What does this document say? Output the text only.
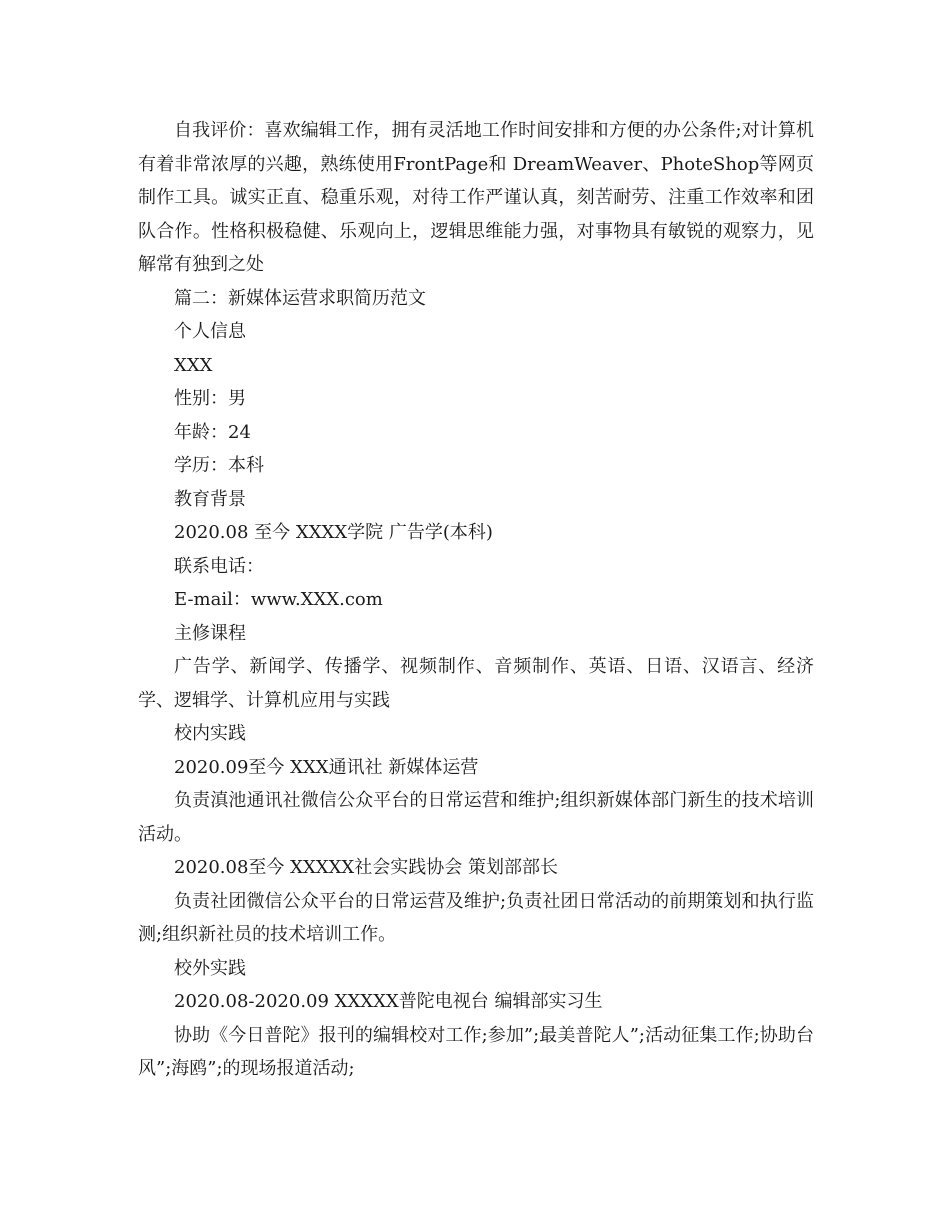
自我评价：喜欢编辑工作，拥有灵活地工作时间安排和方便的办公条件;对计算机有着非常浓厚的兴趣，熟练使用FrontPage和 DreamWeaver、PhoteShop等网页制作工具。诚实正直、稳重乐观，对待工作严谨认真，刻苦耐劳、注重工作效率和团队合作。性格积极稳健、乐观向上，逻辑思维能力强，对事物具有敏锐的观察力，见解常有独到之处

篇二：新媒体运营求职简历范文

个人信息

XXX

性别：男

年龄：24

学历：本科

教育背景

2020.08 至今 XXXX学院 广告学(本科)

联系电话：

E-mail：www.XXX.com

主修课程

广告学、新闻学、传播学、视频制作、音频制作、英语、日语、汉语言、经济学、逻辑学、计算机应用与实践

校内实践

2020.09至今 XXX通讯社 新媒体运营

负责滇池通讯社微信公众平台的日常运营和维护;组织新媒体部门新生的技术培训活动。

2020.08至今 XXXXX社会实践协会 策划部部长

负责社团微信公众平台的日常运营及维护;负责社团日常活动的前期策划和执行监测;组织新社员的技术培训工作。

校外实践

2020.08-2020.09 XXXXX普陀电视台 编辑部实习生

协助《今日普陀》报刊的编辑校对工作;参加”;最美普陀人”;活动征集工作;协助台风”;海鸥”;的现场报道活动;
